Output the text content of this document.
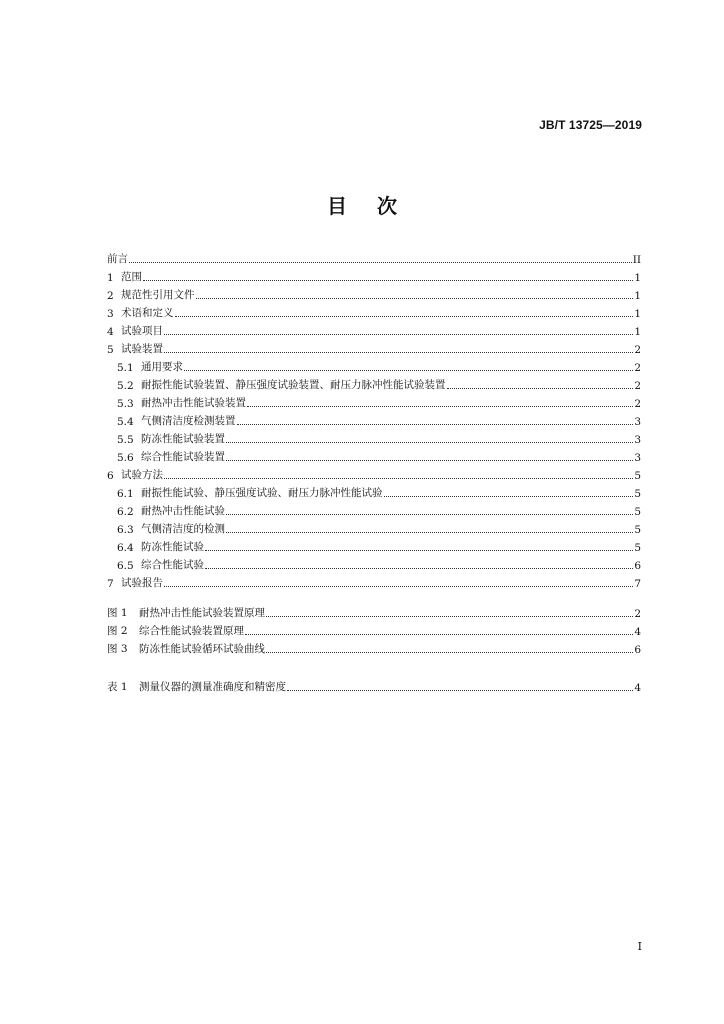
JB/T 13725—2019
目 次
前言	II
1 范围	1
2 规范性引用文件	1
3 术语和定义	1
4 试验项目	1
5 试验装置	2
5.1 通用要求	2
5.2 耐振性能试验装置、静压强度试验装置、耐压力脉冲性能试验装置	2
5.3 耐热冲击性能试验装置	2
5.4 气侧清洁度检测装置	3
5.5 防冻性能试验装置	3
5.6 综合性能试验装置	3
6 试验方法	5
6.1 耐振性能试验、静压强度试验、耐压力脉冲性能试验	5
6.2 耐热冲击性能试验	5
6.3 气侧清洁度的检测	5
6.4 防冻性能试验	5
6.5 综合性能试验	6
7 试验报告	7
图 1	耐热冲击性能试验装置原理	2
图 2	综合性能试验装置原理	4
图 3	防冻性能试验循环试验曲线	6
表 1	测量仪器的测量准确度和精密度	4
I
